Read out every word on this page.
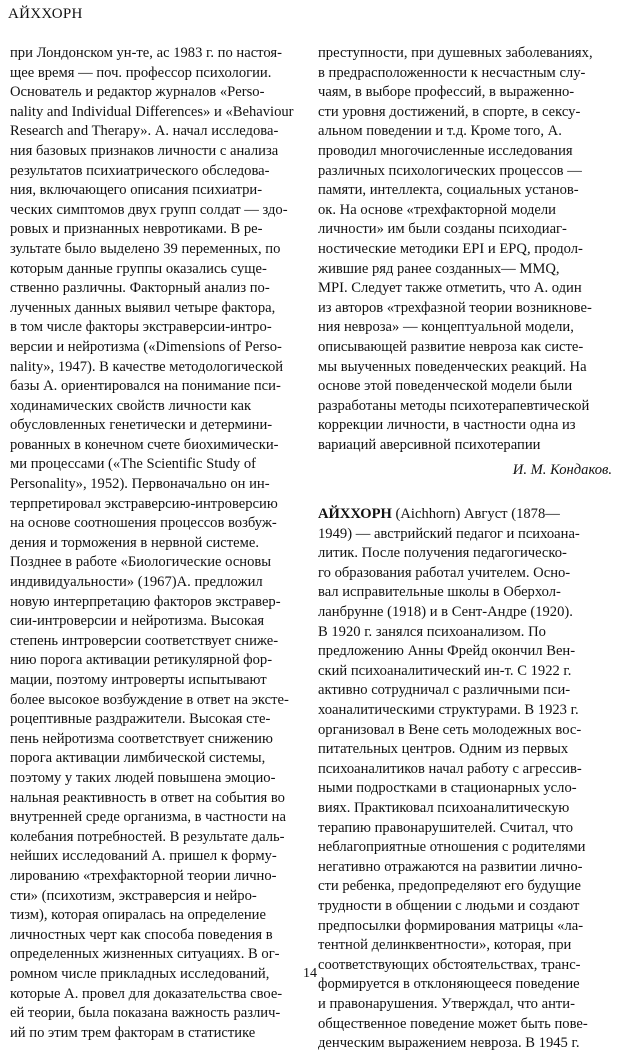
АЙХХОРН
при Лондонском ун-те, ас 1983 г. по настоя-
щее время — поч. профессор психологии.
Основатель и редактор журналов «Perso-
nality and Individual Differences» и «Behaviour
Research and Therapy». А. начал исследова-
ния базовых признаков личности с анализа
результатов психиатрического обследова-
ния, включающего описания психиатри-
ческих симптомов двух групп солдат — здо-
ровых и признанных невротиками. В ре-
зультате было выделено 39 переменных, по
которым данные группы оказались суще-
ственно различны. Факторный анализ по-
лученных данных выявил четыре фактора,
в том числе факторы экстраверсии-интро-
версии и нейротизма («Dimensions of Perso-
nality», 1947). В качестве методологической
базы А. ориентировался на понимание пси-
ходинамических свойств личности как
обусловленных генетически и детермини-
рованных в конечном счете биохимически-
ми процессами («The Scientific Study of
Personality», 1952). Первоначально он ин-
терпретировал экстраверсию-интроверсию
на основе соотношения процессов возбуж-
дения и торможения в нервной системе.
Позднее в работе «Биологические основы
индивидуальности» (1967)А. предложил
новую интерпретацию факторов экстравер-
сии-интроверсии и нейротизма. Высокая
степень интроверсии соответствует сниже-
нию порога активации ретикулярной фор-
мации, поэтому интроверты испытывают
более высокое возбуждение в ответ на экстe-
роцептивные раздражители. Высокая сте-
пень нейротизма соответствует снижению
порога активации лимбической системы,
поэтому у таких людей повышена эмоцио-
нальная реактивность в ответ на события во
внутренней среде организма, в частности на
колебания потребностей. В результате даль-
нейших исследований А. пришел к форму-
лированию «трехфакторной теории лично-
сти» (психотизм, экстраверсия и нейро-
тизм), которая опиралась на определение
личностных черт как способа поведения в
определенных жизненных ситуациях. В ог-
ромном числе прикладных исследований,
которые А. провел для доказательства свое-
ей теории, была показана важность различ-
ий по этим трем факторам в статистике
преступности, при душевных заболеваниях,
в предрасположенности к несчастным слу-
чаям, в выборе профессий, в выраженно-
сти уровня достижений, в спорте, в сексу-
альном поведении и т.д. Кроме того, А.
проводил многочисленные исследования
различных психологических процессов —
памяти, интеллекта, социальных установ-
ок. На основе «трехфакторной модели
личности» им были созданы психодиаг-
ностические методики EPI и EPQ, продол-
жившие ряд ранее созданных— MMQ,
MPI. Следует также отметить, что А. один
из авторов «трехфазной теории возникнове-
ния невроза» — концептуальной модели,
описывающей развитие невроза как систе-
мы выученных поведенческих реакций. На
основе этой поведенческой модели были
разработаны методы психотерапевтической
коррекции личности, в частности одна из
вариаций аверсивной психотерапии
И. М. Кондаков.
АЙХХОРН (Aichhorn) Август (1878—
1949) — австрийский педагог и психоана-
литик. После получения педагогическо-
го образования работал учителем. Осно-
вал исправительные школы в Оберхол-
ланбрунне (1918) и в Сент-Андре (1920).
В 1920 г. занялся психоанализом. По
предложению Анны Фрейд окончил Вен-
ский психоаналитический ин-т. С 1922 г.
активно сотрудничал с различными пси-
хоаналитическими структурами. В 1923 г.
организовал в Вене сеть молодежных вос-
питательных центров. Одним из первых
психоаналитиков начал работу с агрессив-
ными подростками в стационарных усло-
виях. Практиковал психоаналитическую
терапию правонарушителей. Считал, что
неблагоприятные отношения с родителями
негативно отражаются на развитии лично-
сти ребенка, предопределяют его будущие
трудности в общении с людьми и создают
предпосылки формирования матрицы «ла-
тентной делинквентности», которая, при
соответствующих обстоятельствах, транс-
формируется в отклоняющееся поведение
и правонарушения. Утверждал, что анти-
общественное поведение может быть пове-
денческим выражением невроза. В 1945 г.
14
